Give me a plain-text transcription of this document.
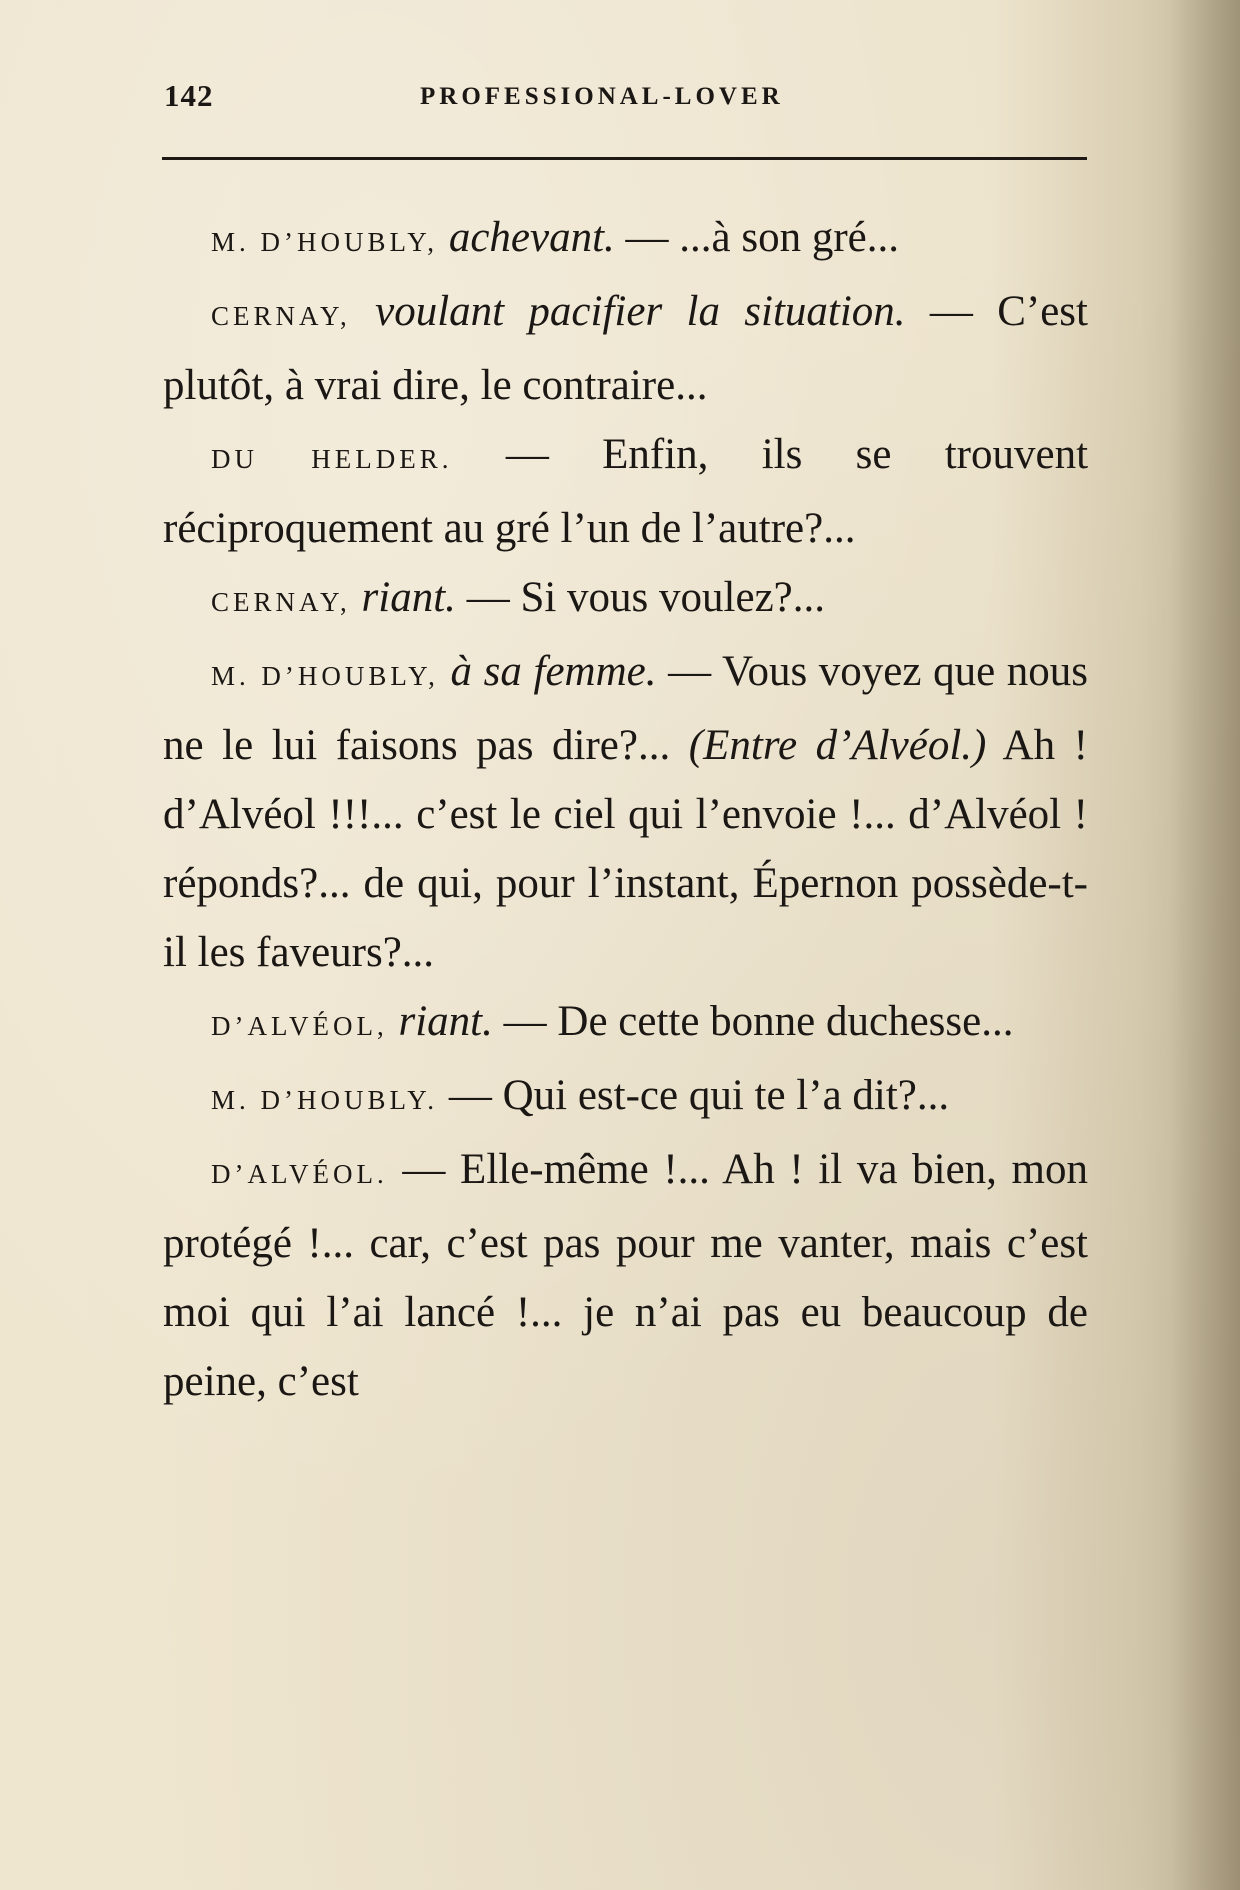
142	PROFESSIONAL-LOVER

M. D’HOUBLY, achevant. — ...à son gré...

CERNAY, voulant pacifier la situation. — C’est plutôt, à vrai dire, le contraire...

DU HELDER. — Enfin, ils se trouvent réciproquement au gré l’un de l’autre?...

CERNAY, riant. — Si vous voulez?...

M. D’HOUBLY, à sa femme. — Vous voyez que nous ne le lui faisons pas dire?... (Entre d’Alvéol.) Ah ! d’Alvéol !!!... c’est le ciel qui l’envoie !... d’Alvéol ! réponds?... de qui, pour l’instant, Épernon possède-t-il les faveurs?...

D’ALVÉOL, riant. — De cette bonne duchesse...

M. D’HOUBLY. — Qui est-ce qui te l’a dit?...

D’ALVÉOL. — Elle-même !... Ah ! il va bien, mon protégé !... car, c’est pas pour me vanter, mais c’est moi qui l’ai lancé !... je n’ai pas eu beaucoup de peine, c’est
